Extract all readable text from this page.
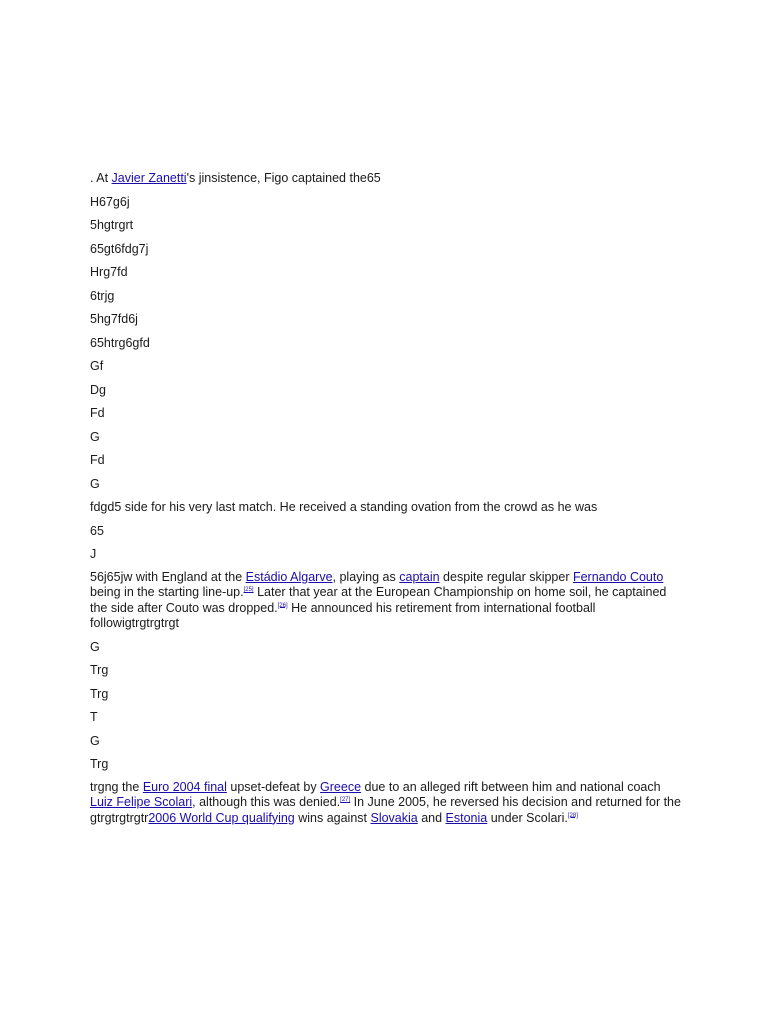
. At Javier Zanetti's jinsistence, Figo captained the65
H67g6j
5hgtrgrt
65gt6fdg7j
Hrg7fd
6trjg
5hg7fd6j
65htrg6gfd
Gf
Dg
Fd
G
Fd
G
fdgd5 side for his very last match. He received a standing ovation from the crowd as he was
65
J
56j65jw with England at the Estádio Algarve, playing as captain despite regular skipper Fernando Couto being in the starting line-up.[25] Later that year at the European Championship on home soil, he captained the side after Couto was dropped.[26] He announced his retirement from international football followigtrgtrgtrgt
G
Trg
Trg
T
G
Trg
trgng the Euro 2004 final upset-defeat by Greece due to an alleged rift between him and national coach Luiz Felipe Scolari, although this was denied.[27] In June 2005, he reversed his decision and returned for the gtrgtrgtrgtr2006 World Cup qualifying wins against Slovakia and Estonia under Scolari.[28]
